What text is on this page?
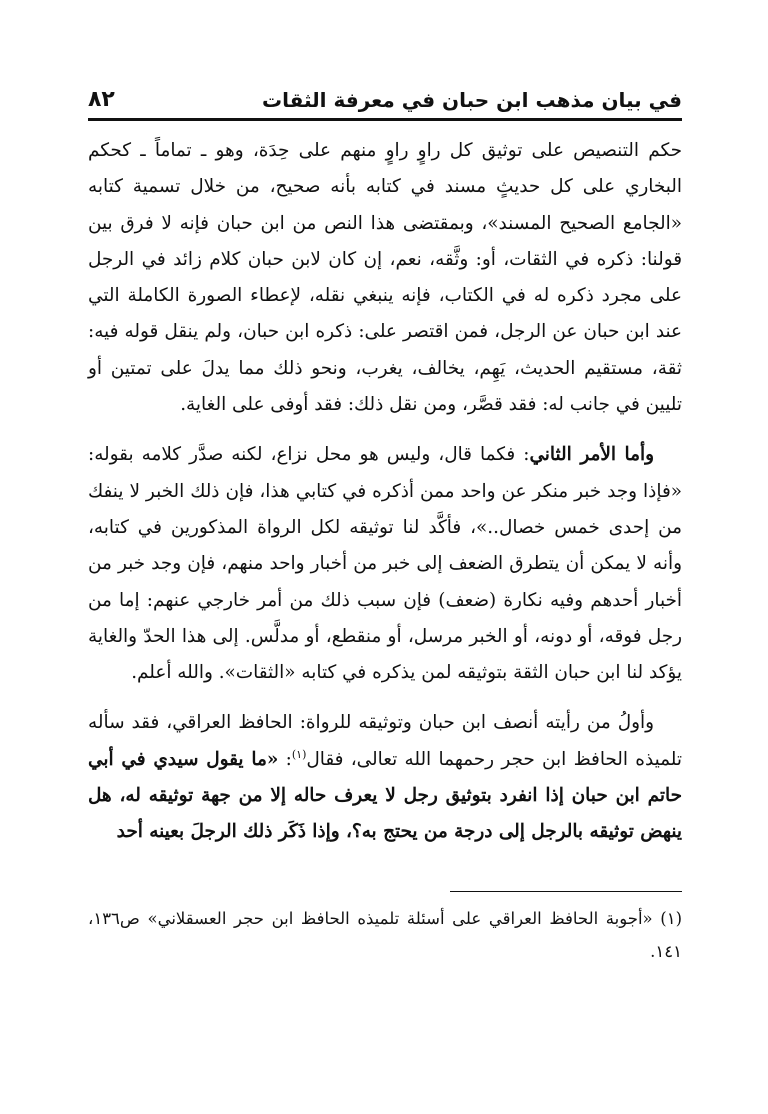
في بيان مذهب ابن حبان في معرفة الثقات
٨٢

حكم التنصيص على توثيق كل راوٍ راوٍ منهم على حِدَة، وهو ـ تماماً ـ كحكم البخاري على كل حديثٍ مسند في كتابه بأنه صحيح، من خلال تسمية كتابه «الجامع الصحيح المسند»، وبمقتضى هذا النص من ابن حبان فإنه لا فرق بين قولنا: ذكره في الثقات، أو: وثَّقه، نعم، إن كان لابن حبان كلام زائد في الرجل على مجرد ذكره له في الكتاب، فإنه ينبغي نقله، لإعطاء الصورة الكاملة التي عند ابن حبان عن الرجل، فمن اقتصر على: ذكره ابن حبان، ولم ينقل قوله فيه: ثقة، مستقيم الحديث، يَهِم، يخالف، يغرب، ونحو ذلك مما يدلَ على تمتين أو تليين في جانب له: فقد قصَّر، ومن نقل ذلك: فقد أوفى على الغاية.

وأما الأمر الثاني: فكما قال، وليس هو محل نزاع، لكنه صدَّر كلامه بقوله: «فإذا وجد خبر منكر عن واحد ممن أذكره في كتابي هذا، فإن ذلك الخبر لا ينفك من إحدى خمس خصال..»، فأكَّد لنا توثيقه لكل الرواة المذكورين في كتابه، وأنه لا يمكن أن يتطرق الضعف إلى خبر من أخبار واحد منهم، فإن وجد خبر من أخبار أحدهم وفيه نكارة (ضعف) فإن سبب ذلك من أمر خارجي عنهم: إما من رجل فوقه، أو دونه، أو الخبر مرسل، أو منقطع، أو مدلَّس. إلى هذا الحدّ والغاية يؤكد لنا ابن حبان الثقة بتوثيقه لمن يذكره في كتابه «الثقات». والله أعلم.

وأولُ من رأيته أنصف ابن حبان وتوثيقه للرواة: الحافظ العراقي، فقد سأله تلميذه الحافظ ابن حجر رحمهما الله تعالى، فقال$^{(١)}$: «ما يقول سيدي في أبي حاتم ابن حبان إذا انفرد بتوثيق رجل لا يعرف حاله إلا من جهة توثيقه له، هل ينهض توثيقه بالرجل إلى درجة من يحتج به؟، وإذا ذَكَر ذلك الرجلَ بعينه أحد

(١) «أجوبة الحافظ العراقي على أسئلة تلميذه الحافظ ابن حجر العسقلاني» ص١٣٦، ١٤١.
